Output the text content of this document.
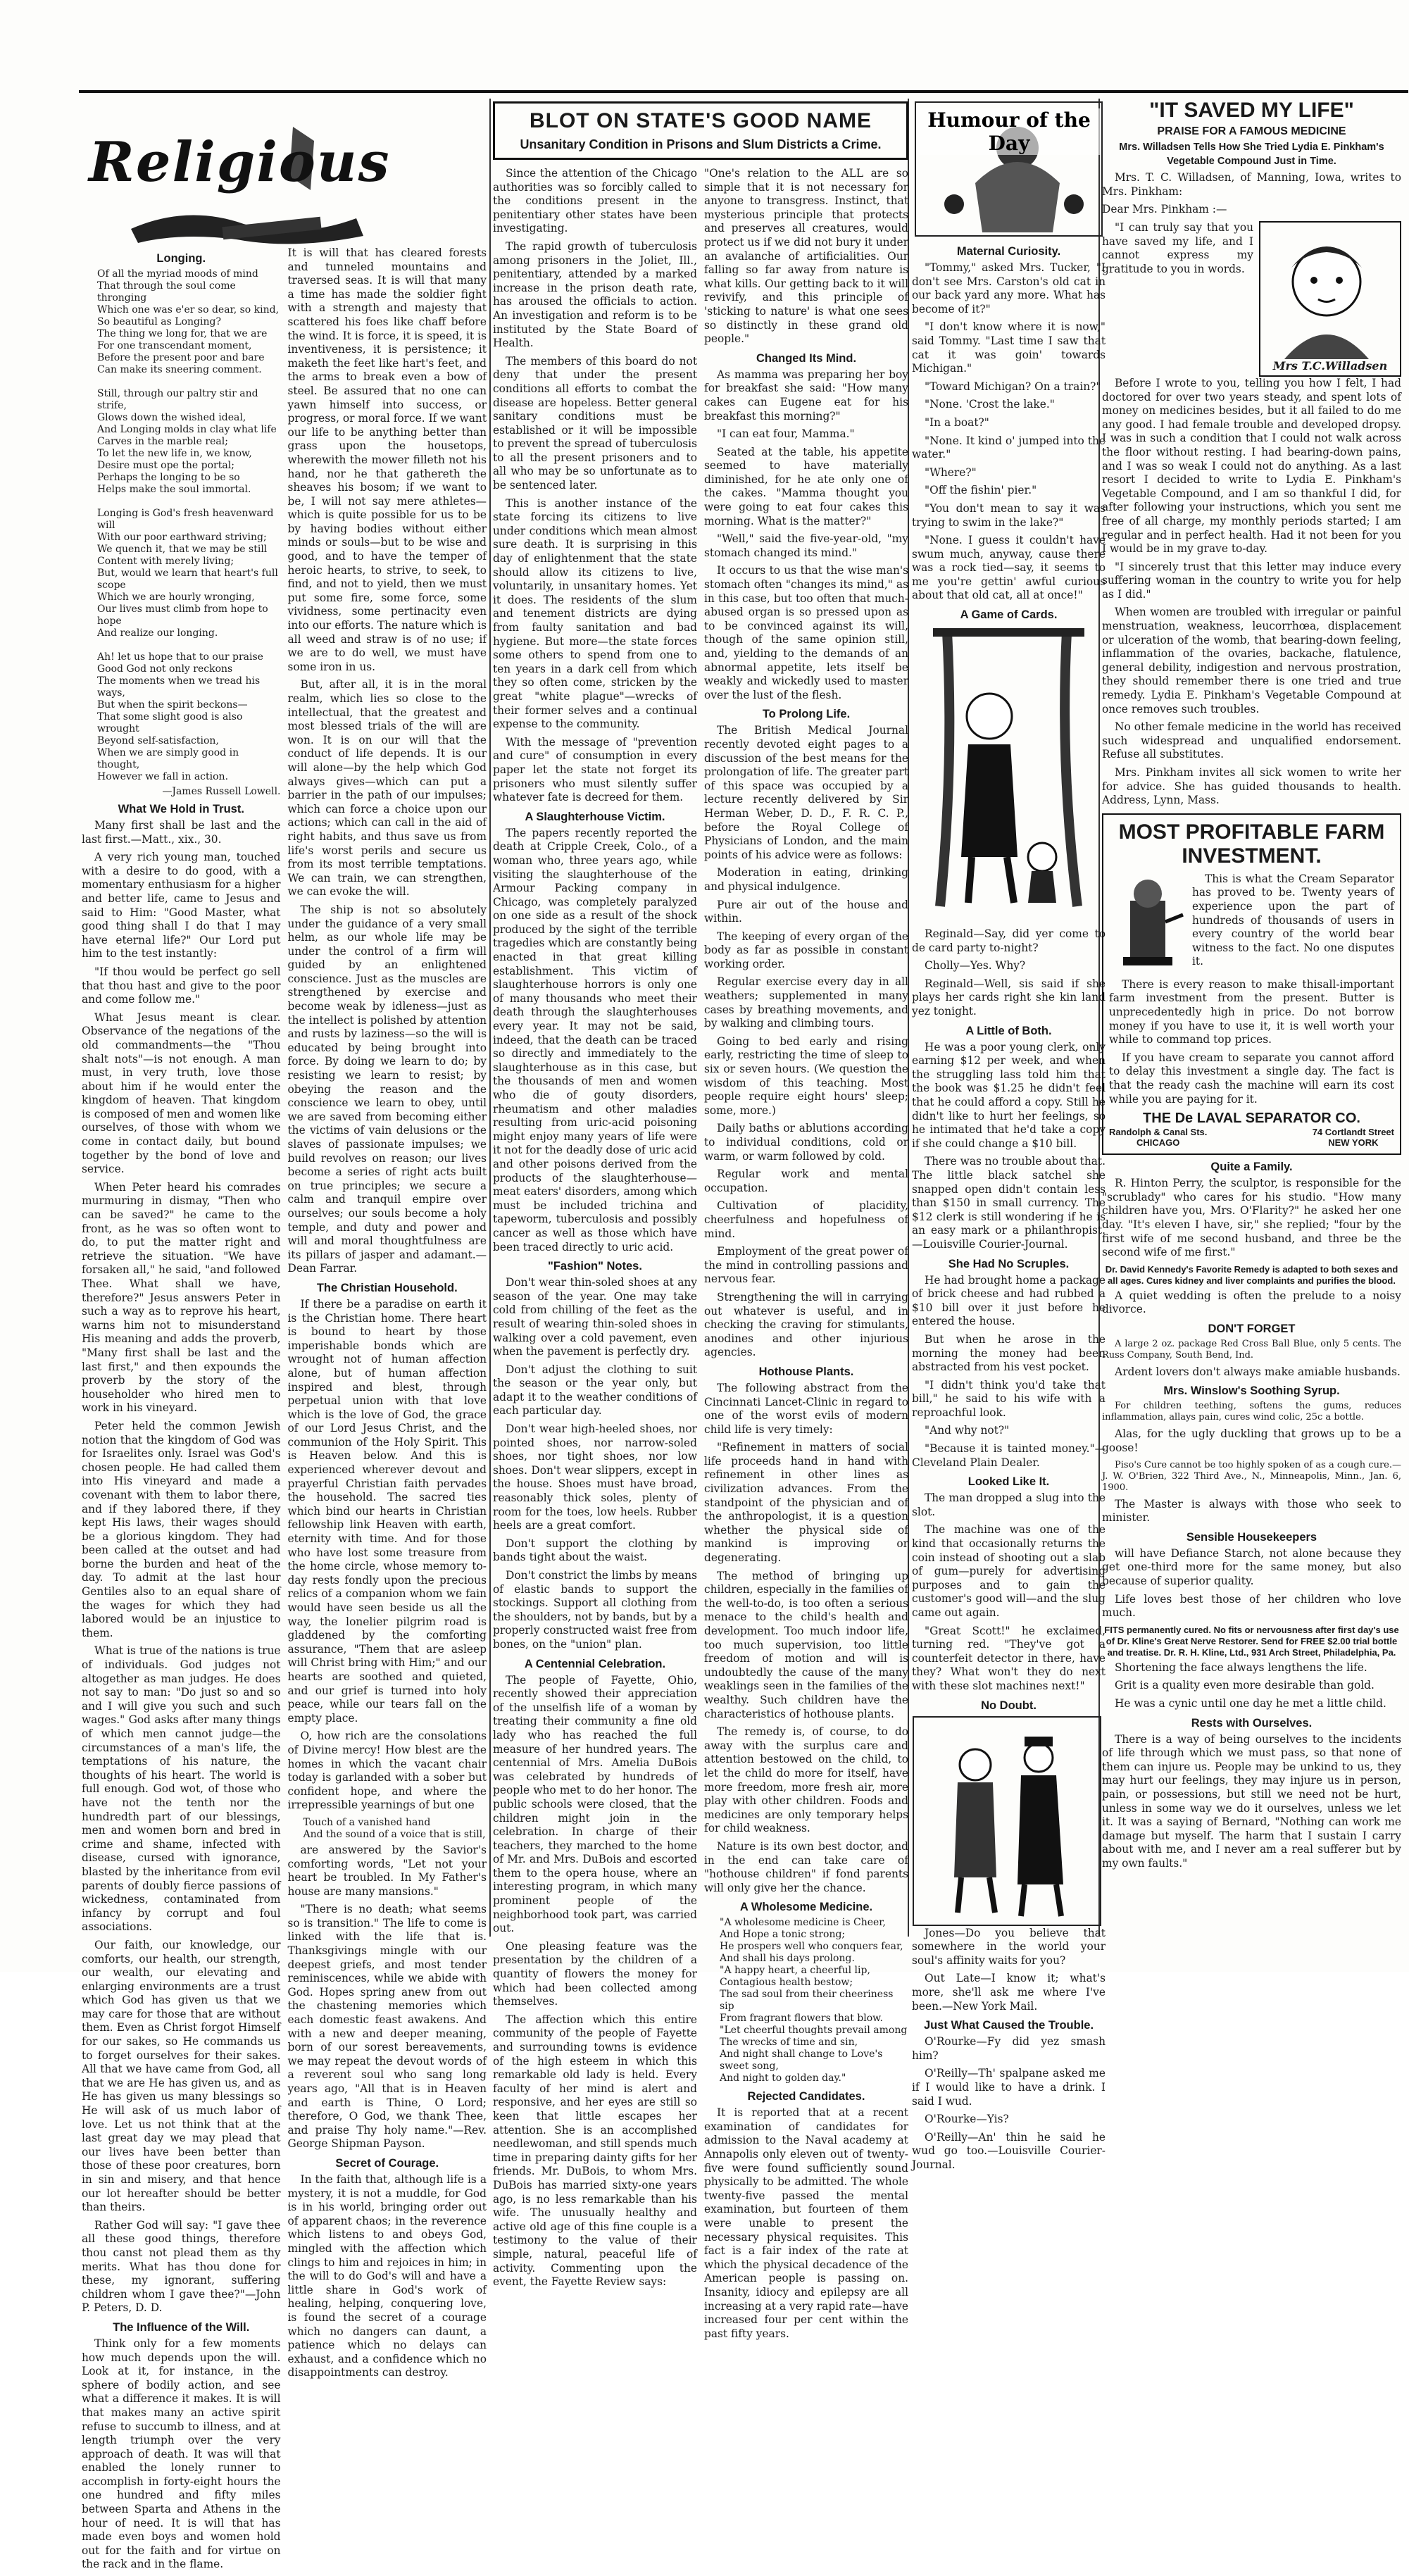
Religious
Longing.
Of all the myriad moods of mind
That through the soul come thronging
Which one was e'er so dear, so kind,
So beautiful as Longing?
The thing we long for, that we are
For one transcendant moment,
Before the present poor and bare
Can make its sneering comment.

Still, through our paltry stir and strife,
Glows down the wished ideal,
And Longing molds in clay what life
Carves in the marble real;
To let the new life in, we know,
Desire must ope the portal;
Perhaps the longing to be so
Helps make the soul immortal.

Longing is God's fresh heavenward will
With our poor earthward striving;
We quench it, that we may be still
Content with merely living;
But, would we learn that heart's full scope
Which we are hourly wronging,
Our lives must climb from hope to hope
And realize our longing.

Ah! let us hope that to our praise
Good God not only reckons
The moments when we tread his ways,
But when the spirit beckons—
That some slight good is also wrought
Beyond self-satisfaction,
When we are simply good in thought,
However we fall in action.
—James Russell Lowell.
What We Hold in Trust.

Many first shall be last and the last first.—Matt., xix., 30.

A very rich young man, touched with a desire to do good, with a momentary enthusiasm for a higher and better life, came to Jesus and said to Him: "Good Master, what good thing shall I do that I may have eternal life?" Our Lord put him to the test instantly:

"If thou would be perfect go sell that thou hast and give to the poor and come follow me."

What Jesus meant is clear. Observance of the negations of the old commandments—the "Thou shalt nots"—is not enough. A man must, in very truth, love those about him if he would enter the kingdom of heaven. That kingdom is composed of men and women like ourselves, of those with whom we come in contact daily, but bound together by the bond of love and service.

When Peter heard his comrades murmuring in dismay, "Then who can be saved?" he came to the front, as he was so often wont to do, to put the matter right and retrieve the situation. "We have forsaken all," he said, "and followed Thee. What shall we have, therefore?" Jesus answers Peter in such a way as to reprove his heart, warns him not to misunderstand His meaning and adds the proverb, "Many first shall be last and the last first," and then expounds the proverb by the story of the householder who hired men to work in his vineyard.

Peter held the common Jewish notion that the kingdom of God was for Israelites only. Israel was God's chosen people. He had called them into His vineyard and made a covenant with them to labor there, and if they labored there, if they kept His laws, their wages should be a glorious kingdom. They had been called at the outset and had borne the burden and heat of the day. To admit at the last hour Gentiles also to an equal share of the wages for which they had labored would be an injustice to them.

What is true of the nations is true of individuals. God judges not altogether as man judges. He does not say to man: "Do just so and so and I will give you such and such wages." God asks after many things of which men cannot judge—the circumstances of a man's life, the temptations of his nature, the thoughts of his heart. The world is full enough. God wot, of those who have not the tenth nor the hundredth part of our blessings, men and women born and bred in crime and shame, infected with disease, cursed with ignorance, blasted by the inheritance from evil parents of doubly fierce passions of wickedness, contaminated from infancy by corrupt and foul associations.

Our faith, our knowledge, our comforts, our health, our strength, our wealth, our elevating and enlarging environments are a trust which God has given us that we may care for those that are without them. Even as Christ forgot Himself for our sakes, so He commands us to forget ourselves for their sakes. All that we have came from God, all that we are He has given us, and as He has given us many blessings so He will ask of us much labor of love. Let us not think that at the last great day we may plead that our lives have been better than those of these poor creatures, born in sin and misery, and that hence our lot hereafter should be better than theirs.

Rather God will say: "I gave thee all these good things, therefore thou canst not plead them as thy merits. What has thou done for these, my ignorant, suffering children whom I gave thee?"—John P. Peters, D. D.

The Influence of the Will.

Think only for a few moments how much depends upon the will. Look at it, for instance, in the sphere of bodily action, and see what a difference it makes. It is will that makes many an active spirit refuse to succumb to illness, and at length triumph over the very approach of death. It was will that enabled the lonely runner to accomplish in forty-eight hours the one hundred and fifty miles between Sparta and Athens in the hour of need. It is will that has made even boys and women hold out for the faith and for virtue on the rack and in the flame.

It is will that has cleared forests and tunneled mountains and traversed seas. It is will that many a time has made the soldier fight with a strength and majesty that scattered his foes like chaff before the wind. It is force, it is speed, it is inventiveness, it is persistence; it maketh the feet like hart's feet, and the arms to break even a bow of steel. Be assured that no one can yawn himself into success, or progress, or moral force. If we want our life to be anything better than grass upon the housetops, wherewith the mower filleth not his hand, nor he that gathereth the sheaves his bosom; if we want to be, I will not say mere athletes—which is quite possible for us to be by having bodies without either minds or souls—but to be wise and good, and to have the temper of heroic hearts, to strive, to seek, to find, and not to yield, then we must put some fire, some force, some vividness, some pertinacity even into our efforts. The nature which is all weed and straw is of no use; if we are to do well, we must have some iron in us.

But, after all, it is in the moral realm, which lies so close to the intellectual, that the greatest and most blessed trials of the will are won. It is on our will that the conduct of life depends. It is our will alone—by the help which God always gives—which can put a barrier in the path of our impulses; which can force a choice upon our actions; which can call in the aid of right habits, and thus save us from life's worst perils and secure us from its most terrible temptations. We can train, we can strengthen, we can evoke the will.

The ship is not so absolutely under the guidance of a very small helm, as our whole life may be under the control of a firm will guided by an enlightened conscience. Just as the muscles are strengthened by exercise and become weak by idleness—just as the intellect is polished by attention and rusts by laziness—so the will is educated by being brought into force. By doing we learn to do; by resisting we learn to resist; by obeying the reason and the conscience we learn to obey, until we are saved from becoming either the victims of vain delusions or the slaves of passionate impulses; we build revolves on reason; our lives become a series of right acts built on true principles; we secure a calm and tranquil empire over ourselves; our souls become a holy temple, and duty and power and will and moral thoughtfulness are its pillars of jasper and adamant.—Dean Farrar.

The Christian Household.

If there be a paradise on earth it is the Christian home. There heart is bound to heart by those imperishable bonds which are wrought not of human affection alone, but of human affection inspired and blest, through perpetual union with that love which is the love of God, the grace of our Lord Jesus Christ, and the communion of the Holy Spirit. This is Heaven below. And this is experienced wherever devout and prayerful Christian faith pervades the household. The sacred ties which bind our hearts in Christian fellowship link Heaven with earth, eternity with time. And for those who have lost some treasure from the home circle, whose memory to-day rests fondly upon the precious relics of a companion whom we fain would have seen beside us all the way, the lonelier pilgrim road is gladdened by the comforting assurance, "Them that are asleep will Christ bring with Him;" and our hearts are soothed and quieted, and our grief is turned into holy peace, while our tears fall on the empty place.

O, how rich are the consolations of Divine mercy! How blest are the homes in which the vacant chair today is garlanded with a sober but confident hope, and where the irrepressible yearnings of but one

Touch of a vanished hand
And the sound of a voice that is still,

are answered by the Savior's comforting words, "Let not your heart be troubled. In My Father's house are many mansions."

"There is no death; what seems so is transition." The life to come is linked with the life that is. Thanksgivings mingle with our deepest griefs, and most tender reminiscences, while we abide with God. Hopes spring anew from out the chastening memories which each domestic feast awakens. And with a new and deeper meaning, born of our sorest bereavements, we may repeat the devout words of a reverent soul who sang long years ago, "All that is in Heaven and earth is Thine, O Lord; therefore, O God, we thank Thee, and praise Thy holy name."—Rev. George Shipman Payson.

Secret of Courage.

In the faith that, although life is a mystery, it is not a muddle, for God is in his world, bringing order out of apparent chaos; in the reverence which listens to and obeys God, mingled with the affection which clings to him and rejoices in him; in the will to do God's will and have a little share in God's work of healing, helping, conquering love, is found the secret of a courage which no dangers can daunt, a patience which no delays can exhaust, and a confidence which no disappointments can destroy.

BLOT ON STATE'S GOOD NAME
Unsanitary Condition in Prisons and Slum Districts a Crime.

Since the attention of the Chicago authorities was so forcibly called to the conditions present in the penitentiary other states have been investigating.

The rapid growth of tuberculosis among prisoners in the Joliet, Ill., penitentiary, attended by a marked increase in the prison death rate, has aroused the officials to action. An investigation and reform is to be instituted by the State Board of Health.

The members of this board do not deny that under the present conditions all efforts to combat the disease are hopeless. Better general sanitary conditions must be established or it will be impossible to prevent the spread of tuberculosis to all the present prisoners and to all who may be so unfortunate as to be sentenced later.

This is another instance of the state forcing its citizens to live under conditions which mean almost sure death. It is surprising in this day of enlightenment that the state should allow its citizens to live, voluntarily, in unsanitary homes. Yet it does. The residents of the slum and tenement districts are dying from faulty sanitation and bad hygiene. But more—the state forces some others to spend from one to ten years in a dark cell from which they so often come, stricken by the great "white plague"—wrecks of their former selves and a continual expense to the community.

With the message of "prevention and cure" of consumption in every paper let the state not forget its prisoners who must silently suffer whatever fate is decreed for them.

A Slaughterhouse Victim.

The papers recently reported the death at Cripple Creek, Colo., of a woman who, three years ago, while visiting the slaughterhouse of the Armour Packing company in Chicago, was completely paralyzed on one side as a result of the shock produced by the sight of the terrible tragedies which are constantly being enacted in that great killing establishment. This victim of slaughterhouse horrors is only one of many thousands who meet their death through the slaughterhouses every year. It may not be said, indeed, that the death can be traced so directly and immediately to the slaughterhouse as in this case, but the thousands of men and women who die of gouty disorders, rheumatism and other maladies resulting from uric-acid poisoning might enjoy many years of life were it not for the deadly dose of uric acid and other poisons derived from the products of the slaughterhouse—meat eaters' disorders, among which must be included trichina and tapeworm, tuberculosis and possibly cancer as well as those which have been traced directly to uric acid.

"Fashion" Notes.

Don't wear thin-soled shoes at any season of the year. One may take cold from chilling of the feet as the result of wearing thin-soled shoes in walking over a cold pavement, even when the pavement is perfectly dry.

Don't adjust the clothing to suit the season or the year only, but adapt it to the weather conditions of each particular day.

Don't wear high-heeled shoes, nor pointed shoes, nor narrow-soled shoes, nor tight shoes, nor low shoes. Don't wear slippers, except in the house. Shoes must have broad, reasonably thick soles, plenty of room for the toes, low heels. Rubber heels are a great comfort.

Don't support the clothing by bands tight about the waist.

Don't constrict the limbs by means of elastic bands to support the stockings. Support all clothing from the shoulders, not by bands, but by a properly constructed waist free from bones, on the "union" plan.

A Centennial Celebration.

The people of Fayette, Ohio, recently showed their appreciation of the unselfish life of a woman by treating their community a fine old lady who has reached the full measure of her hundred years. The centennial of Mrs. Amelia DuBois was celebrated by hundreds of people who met to do her honor. The public schools were closed, that the children might join in the celebration. In charge of their teachers, they marched to the home of Mr. and Mrs. DuBois and escorted them to the opera house, where an interesting program, in which many prominent people of the neighborhood took part, was carried out.

One pleasing feature was the presentation by the children of a quantity of flowers the money for which had been collected among themselves.

The affection which this entire community of the people of Fayette and surrounding towns is evidence of the high esteem in which this remarkable old lady is held. Every faculty of her mind is alert and responsive, and her eyes are still so keen that little escapes her attention. She is an accomplished needlewoman, and still spends much time in preparing dainty gifts for her friends. Mr. DuBois, to whom Mrs. DuBois has married sixty-one years ago, is no less remarkable than his wife. The unusually healthy and active old age of this fine couple is a testimony to the value of their simple, natural, peaceful life of activity. Commenting upon the event, the Fayette Review says:

"One's relation to the ALL are so simple that it is not necessary for anyone to transgress. Instinct, that mysterious principle that protects and preserves all creatures, would protect us if we did not bury it under an avalanche of artificialities. Our falling so far away from nature is what kills. Our getting back to it will revivify, and this principle of 'sticking to nature' is what one sees so distinctly in these grand old people."

Changed Its Mind.

As mamma was preparing her boy for breakfast she said: "How many cakes can Eugene eat for his breakfast this morning?"

"I can eat four, Mamma."

Seated at the table, his appetite seemed to have materially diminished, for he ate only one of the cakes. "Mamma thought you were going to eat four cakes this morning. What is the matter?"

"Well," said the five-year-old, "my stomach changed its mind."

It occurs to us that the wise man's stomach often "changes its mind," as in this case, but too often that much-abused organ is so pressed upon as to be convinced against its will, though of the same opinion still, and, yielding to the demands of an abnormal appetite, lets itself be weakly and wickedly used to master over the lust of the flesh.

To Prolong Life.

The British Medical Journal recently devoted eight pages to a discussion of the best means for the prolongation of life. The greater part of this space was occupied by a lecture recently delivered by Sir Herman Weber, D. D., F. R. C. P., before the Royal College of Physicians of London, and the main points of his advice were as follows:

Moderation in eating, drinking and physical indulgence.

Pure air out of the house and within.

The keeping of every organ of the body as far as possible in constant working order.

Regular exercise every day in all weathers; supplemented in many cases by breathing movements, and by walking and climbing tours.

Going to bed early and rising early, restricting the time of sleep to six or seven hours. (We question the wisdom of this teaching. Most people require eight hours' sleep; some, more.)

Daily baths or ablutions according to individual conditions, cold or warm, or warm followed by cold.

Regular work and mental occupation.

Cultivation of placidity, cheerfulness and hopefulness of mind.

Employment of the great power of the mind in controlling passions and nervous fear.

Strengthening the will in carrying out whatever is useful, and in checking the craving for stimulants, anodines and other injurious agencies.

Hothouse Plants.

The following abstract from the Cincinnati Lancet-Clinic in regard to one of the worst evils of modern child life is very timely:

"Refinement in matters of social life proceeds hand in hand with refinement in other lines as civilization advances. From the standpoint of the physician and of the anthropologist, it is a question whether the physical side of mankind is improving or degenerating.

The method of bringing up children, especially in the families of the well-to-do, is too often a serious menace to the child's health and development. Too much indoor life, too much supervision, too little freedom of motion and will is undoubtedly the cause of the many weaklings seen in the families of the wealthy. Such children have the characteristics of hothouse plants.

The remedy is, of course, to do away with the surplus care and attention bestowed on the child, to let the child do more for itself, have more freedom, more fresh air, more play with other children. Foods and medicines are only temporary helps for child weakness.

Nature is its own best doctor, and in the end can take care of "hothouse children" if fond parents will only give her the chance.

A Wholesome Medicine.
"A wholesome medicine is Cheer,
And Hope a tonic strong;
He prospers well who conquers fear,
And shall his days prolong.
"A happy heart, a cheerful lip,
Contagious health bestow;
The sad soul from their cheeriness sip
From fragrant flowers that blow.
"Let cheerful thoughts prevail among
The wrecks of time and sin,
And night shall change to Love's sweet song,
And night to golden day."
Rejected Candidates.

It is reported that at a recent examination of candidates for admission to the Naval academy at Annapolis only eleven out of twenty-five were found sufficiently sound physically to be admitted. The whole twenty-five passed the mental examination, but fourteen of them were unable to present the necessary physical requisites. This fact is a fair index of the rate at which the physical decadence of the American people is passing on. Insanity, idiocy and epilepsy are all increasing at a very rapid rate—have increased four per cent within the past fifty years.

Humour of the Day
Maternal Curiosity.

"Tommy," asked Mrs. Tucker, "I don't see Mrs. Carston's old cat in our back yard any more. What has become of it?"

"I don't know where it is now," said Tommy. "Last time I saw that cat it was goin' towards Michigan."

"Toward Michigan? On a train?"

"None. 'Crost the lake."

"In a boat?"

"None. It kind o' jumped into the water."

"Where?"

"Off the fishin' pier."

"You don't mean to say it was trying to swim in the lake?"

"None. I guess it couldn't have swum much, anyway, cause there was a rock tied—say, it seems to me you're gettin' awful curious about that old cat, all at once!"

A Game of Cards.

Reginald—Say, did yer come to de card party to-night?

Cholly—Yes. Why?

Reginald—Well, sis said if she plays her cards right she kin land yez tonight.

A Little of Both.

He was a poor young clerk, only earning $12 per week, and when the struggling lass told him that the book was $1.25 he didn't feel that he could afford a copy. Still he didn't like to hurt her feelings, so he intimated that he'd take a copy if she could change a $10 bill.

There was no trouble about that. The little black satchel she snapped open didn't contain less than $150 in small currency. The $12 clerk is still wondering if he is an easy mark or a philanthropist.—Louisville Courier-Journal.

She Had No Scruples.

He had brought home a package of brick cheese and had rubbed a $10 bill over it just before he entered the house.

But when he arose in the morning the money had been abstracted from his vest pocket.

"I didn't think you'd take that bill," he said to his wife with a reproachful look.

"And why not?"

"Because it is tainted money."—Cleveland Plain Dealer.

Looked Like It.

The man dropped a slug into the slot.

The machine was one of the kind that occasionally returns the coin instead of shooting out a slab of gum—purely for advertising purposes and to gain the customer's good will—and the slug came out again.

"Great Scott!" he exclaimed, turning red. "They've got a counterfeit detector in there, have they? What won't they do next with these slot machines next!"

No Doubt.

Jones—Do you believe that somewhere in the world your soul's affinity waits for you?

Out Late—I know it; what's more, she'll ask me where I've been.—New York Mail.

Just What Caused the Trouble.

O'Rourke—Fy did yez smash him?

O'Reilly—Th' spalpane asked me if I would like to have a drink. I said I wud.

O'Rourke—Yis?

O'Reilly—An' thin he said he wud go too.—Louisville Courier-Journal.

"IT SAVED MY LIFE"
PRAISE FOR A FAMOUS MEDICINE

Mrs. Willadsen Tells How She Tried Lydia E. Pinkham's Vegetable Compound Just in Time.

Mrs. T. C. Willadsen, of Manning, Iowa, writes to Mrs. Pinkham:

Dear Mrs. Pinkham :—

"I can truly say that you have saved my life, and I cannot express my gratitude to you in words.

Mrs T.C.Willadsen

Before I wrote to you, telling you how I felt, I had doctored for over two years steady, and spent lots of money on medicines besides, but it all failed to do me any good. I had female trouble and developed dropsy. I was in such a condition that I could not walk across the floor without resting. I had bearing-down pains, and I was so weak I could not do anything. As a last resort I decided to write to Lydia E. Pinkham's Vegetable Compound, and I am so thankful I did, for after following your instructions, which you sent me free of all charge, my monthly periods started; I am regular and in perfect health. Had it not been for you I would be in my grave to-day.

"I sincerely trust that this letter may induce every suffering woman in the country to write you for help as I did."

When women are troubled with irregular or painful menstruation, weakness, leucorrhœa, displacement or ulceration of the womb, that bearing-down feeling, inflammation of the ovaries, backache, flatulence, general debility, indigestion and nervous prostration, they should remember there is one tried and true remedy. Lydia E. Pinkham's Vegetable Compound at once removes such troubles.

No other female medicine in the world has received such widespread and unqualified endorsement. Refuse all substitutes.

Mrs. Pinkham invites all sick women to write her for advice. She has guided thousands to health. Address, Lynn, Mass.

MOST PROFITABLE FARM INVESTMENT.

This is what the Cream Separator has proved to be. Twenty years of experience upon the part of hundreds of thousands of users in every country of the world bear witness to the fact. No one disputes it.

There is every reason to make thisall-important farm investment from the present. Butter is unprecedentedly high in price. Do not borrow money if you have to use it, it is well worth your while to command top prices.

If you have cream to separate you cannot afford to delay this investment a single day. The fact is that the ready cash the machine will earn its cost while you are paying for it.

THE De LAVAL SEPARATOR CO.
Randolph & Canal Sts.
CHICAGO
74 Cortlandt Street
NEW YORK
Quite a Family.

R. Hinton Perry, the sculptor, is responsible for the "scrublady" who cares for his studio. "How many children have you, Mrs. O'Flarity?" he asked her one day. "It's eleven I have, sir," she replied; "four by the first wife of me second husband, and three be the second wife of me first."

Dr. David Kennedy's Favorite Remedy is adapted to both sexes and all ages. Cures kidney and liver complaints and purifies the blood.

A quiet wedding is often the prelude to a noisy divorce.

DON'T FORGET

A large 2 oz. package Red Cross Ball Blue, only 5 cents. The Russ Company, South Bend, Ind.

Ardent lovers don't always make amiable husbands.

Mrs. Winslow's Soothing Syrup.

For children teething, softens the gums, reduces inflammation, allays pain, cures wind colic, 25c a bottle.

Alas, for the ugly duckling that grows up to be a goose!

Piso's Cure cannot be too highly spoken of as a cough cure.—J. W. O'Brien, 322 Third Ave., N., Minneapolis, Minn., Jan. 6, 1900.

The Master is always with those who seek to minister.

Sensible Housekeepers

will have Defiance Starch, not alone because they get one-third more for the same money, but also because of superior quality.

Life loves best those of her children who love much.

FITS permanently cured. No fits or nervousness after first day's use of Dr. Kline's Great Nerve Restorer. Send for FREE $2.00 trial bottle and treatise. Dr. R. H. Kline, Ltd., 931 Arch Street, Philadelphia, Pa.

Shortening the face always lengthens the life.

Grit is a quality even more desirable than gold.

He was a cynic until one day he met a little child.

Rests with Ourselves.

There is a way of being ourselves to the incidents of life through which we must pass, so that none of them can injure us. People may be unkind to us, they may hurt our feelings, they may injure us in person, pain, or possessions, but still we need not be hurt, unless in some way we do it ourselves, unless we let it. It was a saying of Bernard, "Nothing can work me damage but myself. The harm that I sustain I carry about with me, and I never am a real sufferer but by my own faults."
